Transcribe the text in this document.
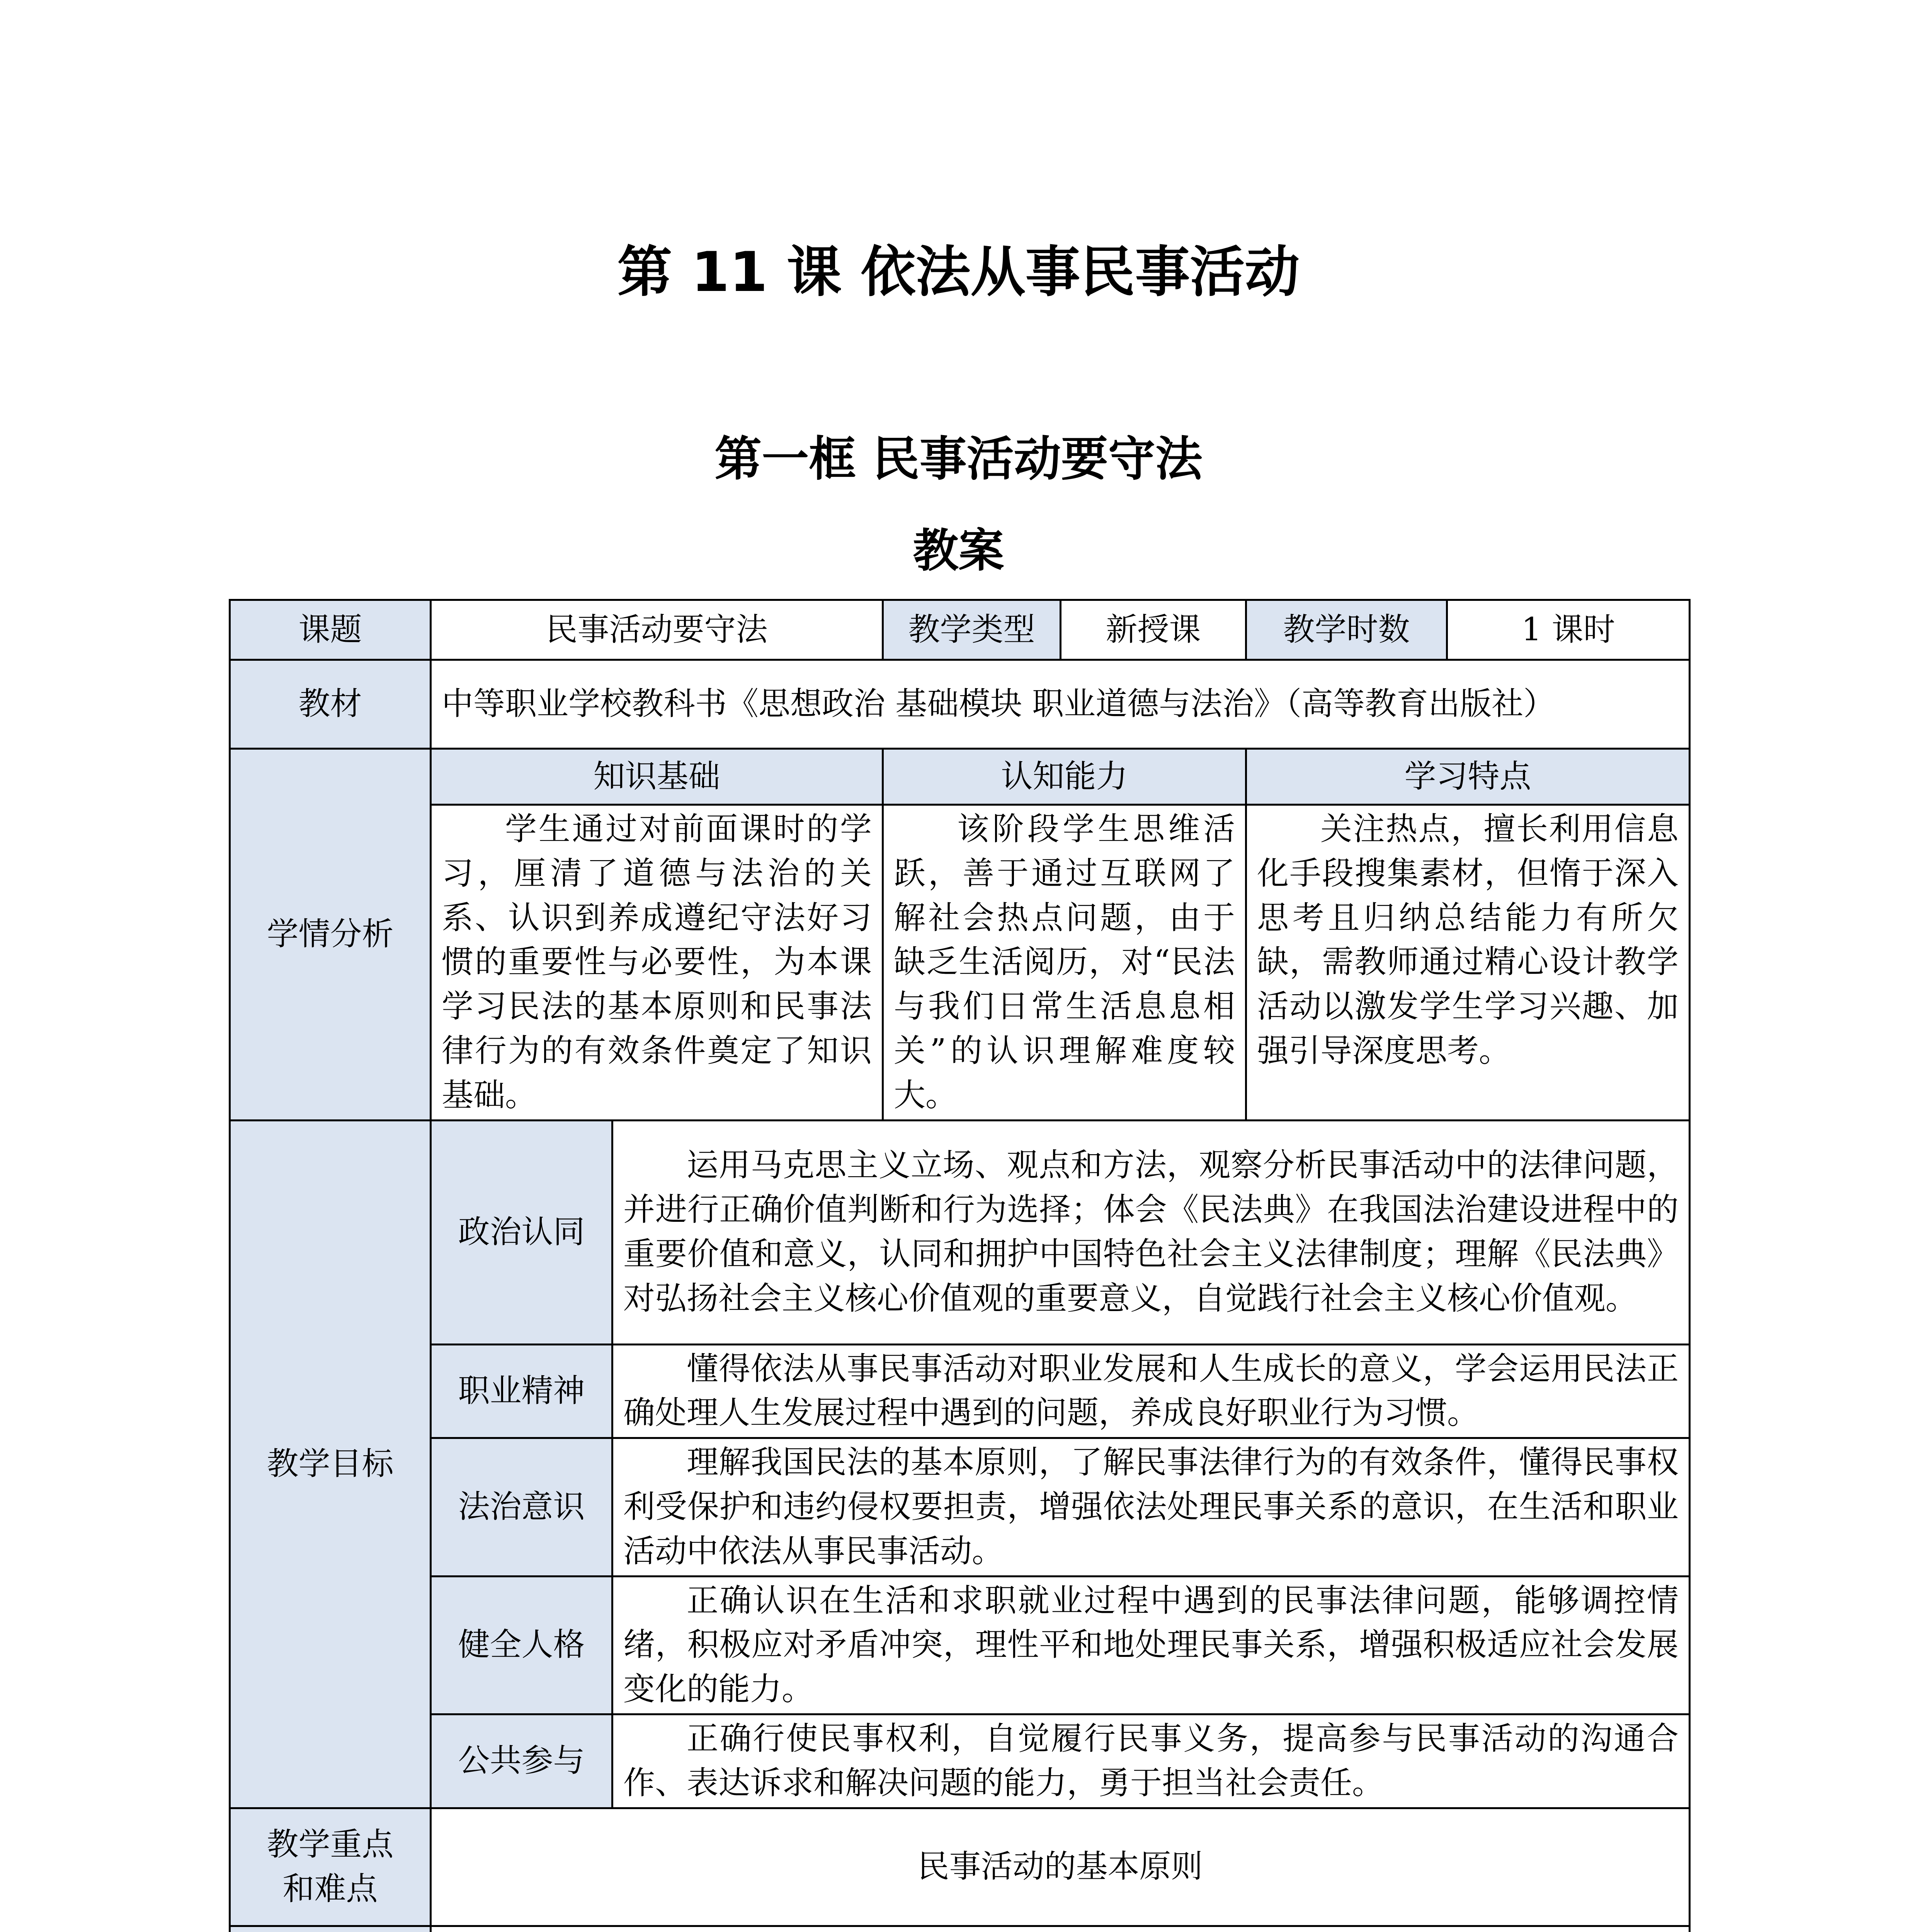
第 11 课 依法从事民事活动
第一框 民事活动要守法
教案
课题	民事活动要守法		教学类型	新授课	教学时数	1 课时
教材	中等职业学校教科书《思想政治 基础模块 职业道德与法治》（高等教育出版社）					
学情分析	知识基础		认知能力		学习特点	

	学生通过对前面课时的学习，厘清了道德与法治的关系、认识到养成遵纪守法好习惯的重要性与必要性，为本课学习民法的基本原则和民事法律行为的有效条件奠定了知识基础。		该阶段学生思维活跃，善于通过互联网了解社会热点问题，由于缺乏生活阅历，对“民法与我们日常生活息息相关”的认识理解难度较大。		关注热点，擅长利用信息化手段搜集素材，但惰于深入思考且归纳总结能力有所欠缺，需教师通过精心设计教学活动以激发学生学习兴趣、加强引导深度思考。	

教学目标	政治认同	运用马克思主义立场、观点和方法，观察分析民事活动中的法律问题，并进行正确价值判断和行为选择；体会《民法典》在我国法治建设进程中的重要价值和意义，认同和拥护中国特色社会主义法律制度；理解《民法典》对弘扬社会主义核心价值观的重要意义，自觉践行社会主义核心价值观。				

	职业精神	懂得依法从事民事活动对职业发展和人生成长的意义，学会运用民法正确处理人生发展过程中遇到的问题，养成良好职业行为习惯。				

	法治意识	理解我国民法的基本原则，了解民事法律行为的有效条件，懂得民事权利受保护和违约侵权要担责，增强依法处理民事关系的意识，在生活和职业活动中依法从事民事活动。				

	健全人格	正确认识在生活和求职就业过程中遇到的民事法律问题，能够调控情绪，积极应对矛盾冲突，理性平和地处理民事关系，增强积极适应社会发展变化的能力。				

	公共参与	正确行使民事权利，自觉履行民事义务，提高参与民事活动的沟通合作、表达诉求和解决问题的能力，勇于担当社会责任。				

教学重点
和难点	民事活动的基本原则					
